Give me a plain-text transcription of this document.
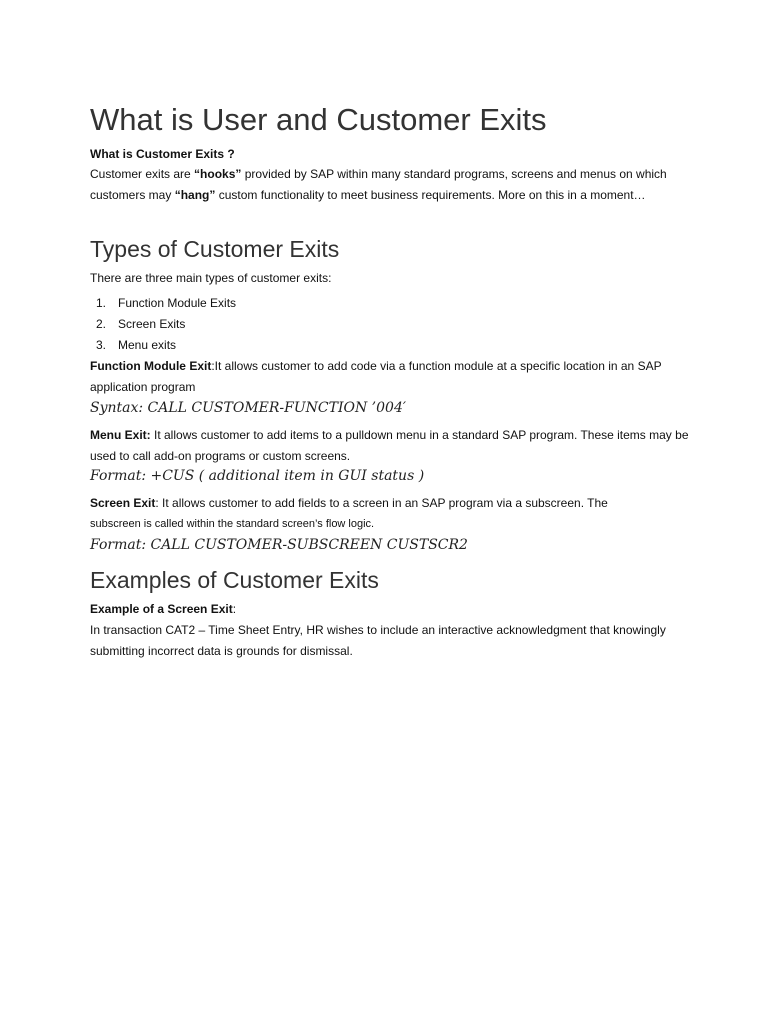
What is User and Customer Exits

What is Customer Exits ?

Customer exits are “hooks” provided by SAP within many standard programs, screens and menus on which customers may “hang” custom functionality to meet business requirements. More on this in a moment…

Types of Customer Exits

There are three main types of customer exits:

1. Function Module Exits
2. Screen Exits
3. Menu exits

Function Module Exit:It allows customer to add code via a function module at a specific location in an SAP application program

Syntax: CALL CUSTOMER-FUNCTION ’004′

Menu Exit: It allows customer to add items to a pulldown menu in a standard SAP program. These items may be used to call add-on programs or custom screens.

Format: +CUS ( additional item in GUI status )

Screen Exit: It allows customer to add fields to a screen in an SAP program via a subscreen. The

subscreen is called within the standard screen’s flow logic.

Format: CALL CUSTOMER-SUBSCREEN CUSTSCR2

Examples of Customer Exits

Example of a Screen Exit:

In transaction CAT2 – Time Sheet Entry, HR wishes to include an interactive acknowledgment that knowingly submitting incorrect data is grounds for dismissal.
